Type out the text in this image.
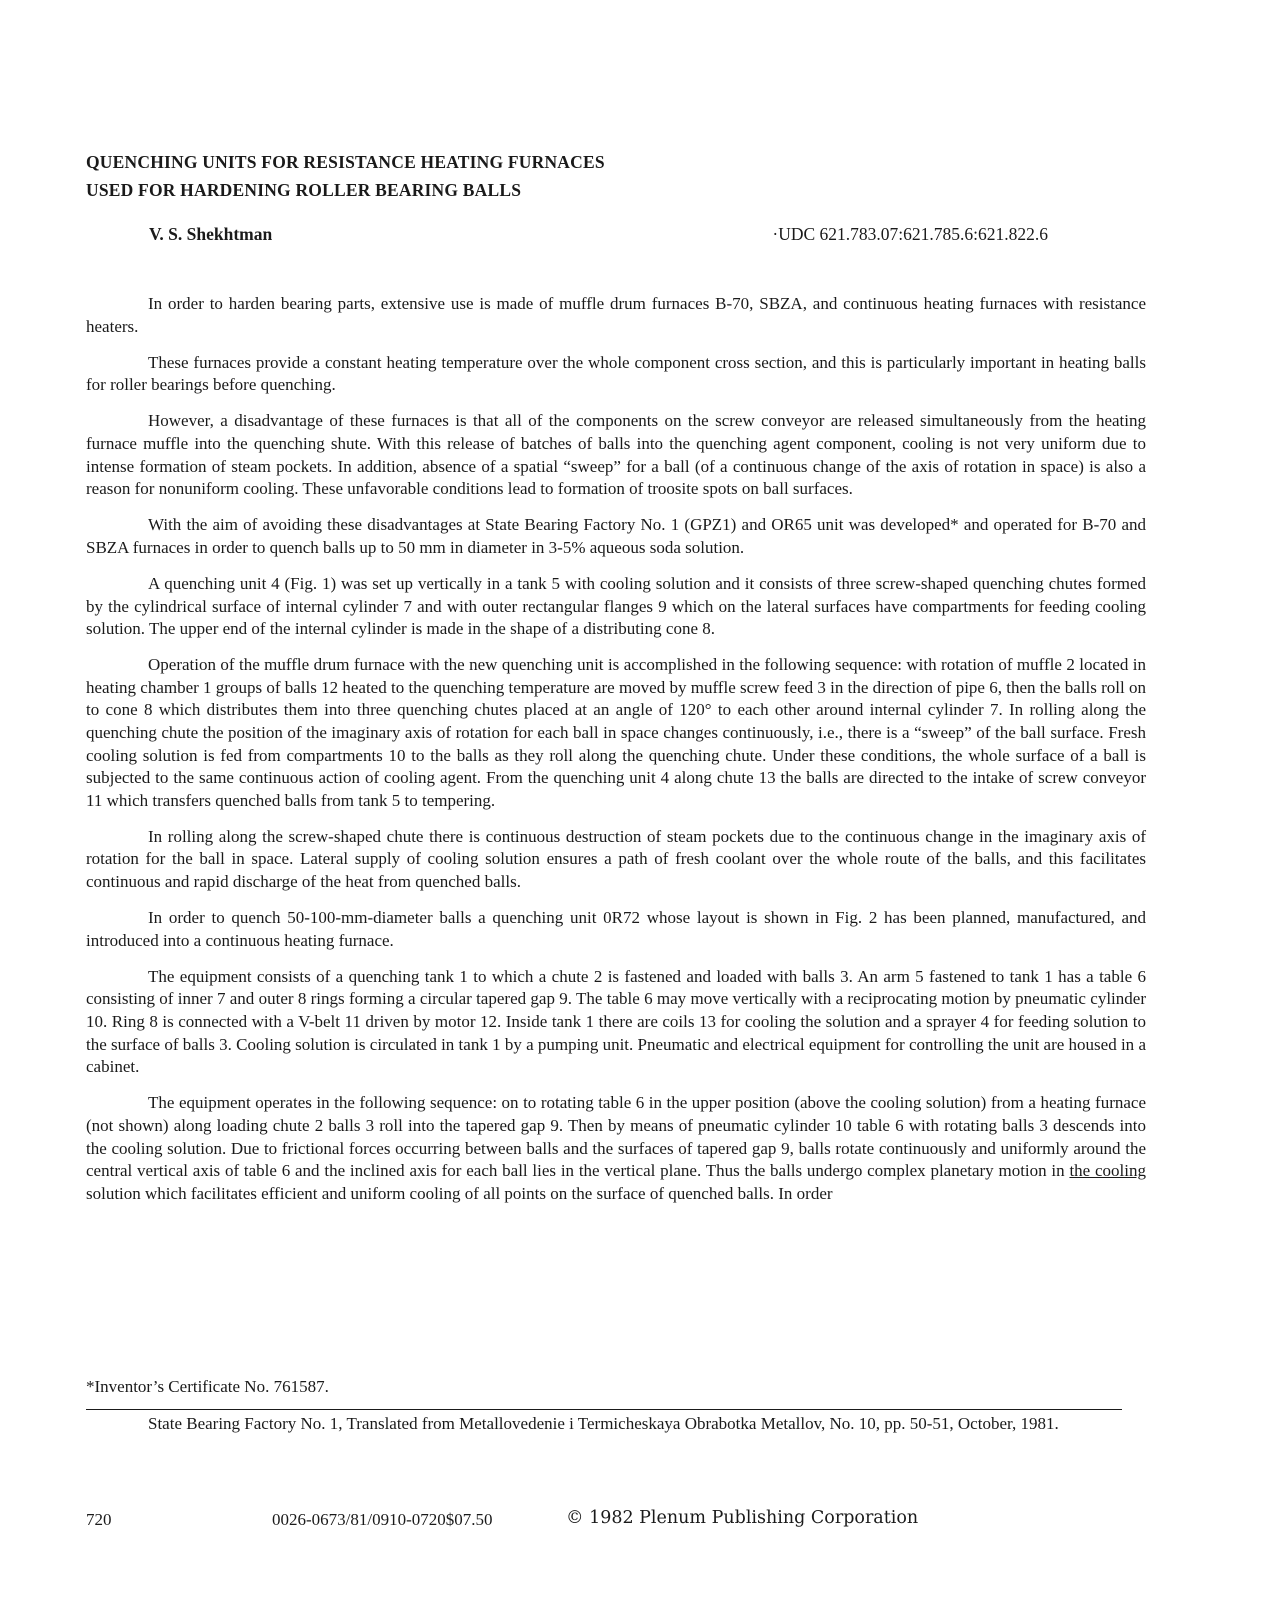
QUENCHING UNITS FOR RESISTANCE HEATING FURNACES
USED FOR HARDENING ROLLER BEARING BALLS
V. S. Shekhtman	·UDC 621.783.07:621.785.6:621.822.6

In order to harden bearing parts, extensive use is made of muffle drum furnaces B-70, SBZA, and continuous heating furnaces with resistance heaters.

These furnaces provide a constant heating temperature over the whole component cross section, and this is particularly important in heating balls for roller bearings before quenching.

However, a disadvantage of these furnaces is that all of the components on the screw conveyor are released simultaneously from the heating furnace muffle into the quenching shute. With this release of batches of balls into the quenching agent component, cooling is not very uniform due to intense formation of steam pockets. In addition, absence of a spatial “sweep” for a ball (of a continuous change of the axis of rotation in space) is also a reason for nonuniform cooling. These unfavorable conditions lead to formation of troosite spots on ball surfaces.

With the aim of avoiding these disadvantages at State Bearing Factory No. 1 (GPZ1) and OR65 unit was developed* and operated for B-70 and SBZA furnaces in order to quench balls up to 50 mm in diameter in 3-5% aqueous soda solution.

A quenching unit 4 (Fig. 1) was set up vertically in a tank 5 with cooling solution and it consists of three screw-shaped quenching chutes formed by the cylindrical surface of internal cylinder 7 and with outer rectangular flanges 9 which on the lateral surfaces have compartments for feeding cooling solution. The upper end of the internal cylinder is made in the shape of a distributing cone 8.

Operation of the muffle drum furnace with the new quenching unit is accomplished in the following sequence: with rotation of muffle 2 located in heating chamber 1 groups of balls 12 heated to the quenching temperature are moved by muffle screw feed 3 in the direction of pipe 6, then the balls roll on to cone 8 which distributes them into three quenching chutes placed at an angle of 120° to each other around internal cylinder 7. In rolling along the quenching chute the position of the imaginary axis of rotation for each ball in space changes continuously, i.e., there is a “sweep” of the ball surface. Fresh cooling solution is fed from compartments 10 to the balls as they roll along the quenching chute. Under these conditions, the whole surface of a ball is subjected to the same continuous action of cooling agent. From the quenching unit 4 along chute 13 the balls are directed to the intake of screw conveyor 11 which transfers quenched balls from tank 5 to tempering.

In rolling along the screw-shaped chute there is continuous destruction of steam pockets due to the continuous change in the imaginary axis of rotation for the ball in space. Lateral supply of cooling solution ensures a path of fresh coolant over the whole route of the balls, and this facilitates continuous and rapid discharge of the heat from quenched balls.

In order to quench 50-100-mm-diameter balls a quenching unit 0R72 whose layout is shown in Fig. 2 has been planned, manufactured, and introduced into a continuous heating furnace.

The equipment consists of a quenching tank 1 to which a chute 2 is fastened and loaded with balls 3. An arm 5 fastened to tank 1 has a table 6 consisting of inner 7 and outer 8 rings forming a circular tapered gap 9. The table 6 may move vertically with a reciprocating motion by pneumatic cylinder 10. Ring 8 is connected with a V-belt 11 driven by motor 12. Inside tank 1 there are coils 13 for cooling the solution and a sprayer 4 for feeding solution to the surface of balls 3. Cooling solution is circulated in tank 1 by a pumping unit. Pneumatic and electrical equipment for controlling the unit are housed in a cabinet.

The equipment operates in the following sequence: on to rotating table 6 in the upper position (above the cooling solution) from a heating furnace (not shown) along loading chute 2 balls 3 roll into the tapered gap 9. Then by means of pneumatic cylinder 10 table 6 with rotating balls 3 descends into the cooling solution. Due to frictional forces occurring between balls and the surfaces of tapered gap 9, balls rotate continuously and uniformly around the central vertical axis of table 6 and the inclined axis for each ball lies in the vertical plane. Thus the balls undergo complex planetary motion in the cooling solution which facilitates efficient and uniform cooling of all points on the surface of quenched balls. In order

*Inventor’s Certificate No. 761587.
State Bearing Factory No. 1, Translated from Metallovedenie i Termicheskaya Obrabotka Metallov, No. 10, pp. 50-51, October, 1981.
720	0026-0673/81/0910-0720$07.50	© 1982 Plenum Publishing Corporation
